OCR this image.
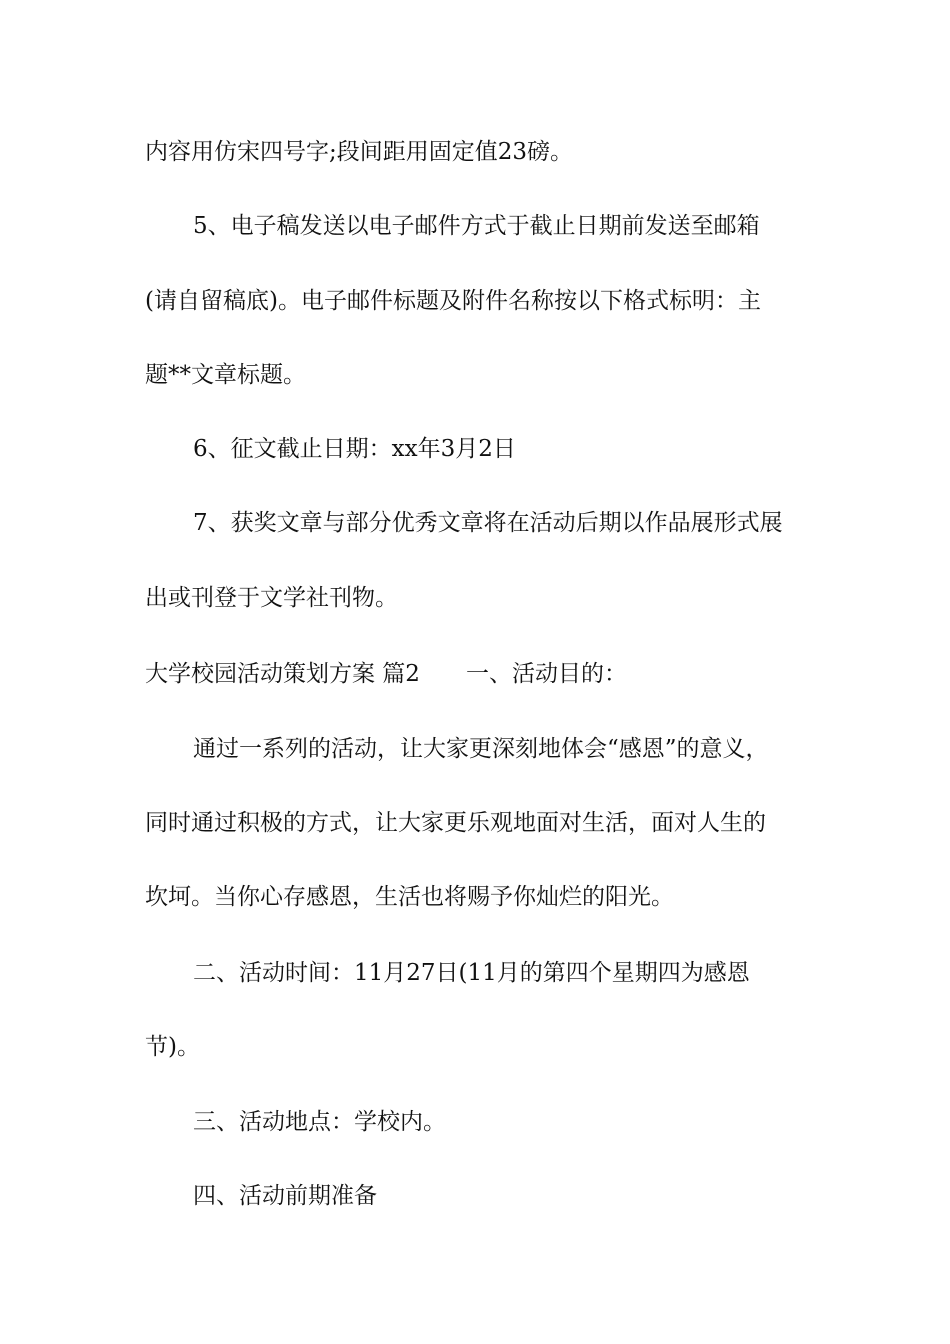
内容用仿宋四号字;段间距用固定值23磅。
5、电子稿发送以电子邮件方式于截止日期前发送至邮箱
(请自留稿底)。电子邮件标题及附件名称按以下格式标明：主
题**文章标题。
6、征文截止日期：xx年3月2日
7、获奖文章与部分优秀文章将在活动后期以作品展形式展
出或刊登于文学社刊物。
大学校园活动策划方案 篇2 一、活动目的：
通过一系列的活动，让大家更深刻地体会“感恩”的意义，
同时通过积极的方式，让大家更乐观地面对生活，面对人生的
坎坷。当你心存感恩，生活也将赐予你灿烂的阳光。
二、活动时间：11月27日(11月的第四个星期四为感恩
节)。
三、活动地点：学校内。
四、活动前期准备
